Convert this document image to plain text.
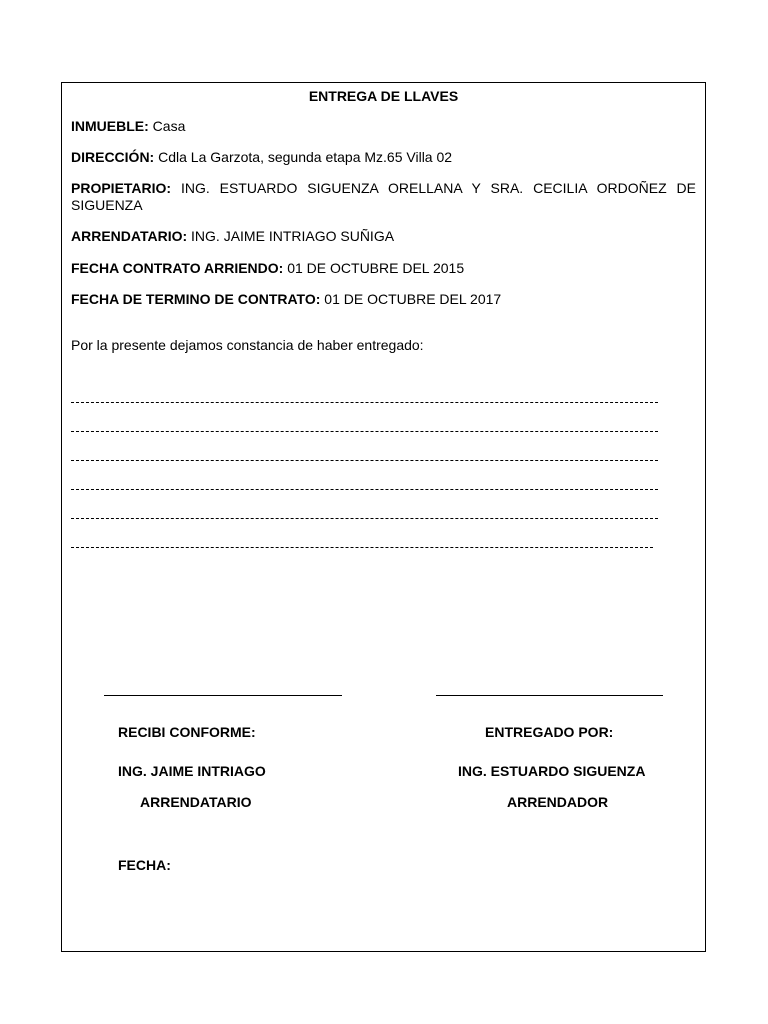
ENTREGA DE LLAVES
INMUEBLE: Casa
DIRECCIÓN: Cdla La Garzota, segunda etapa Mz.65 Villa 02
PROPIETARIO: ING. ESTUARDO SIGUENZA ORELLANA Y SRA. CECILIA ORDOÑEZ DE SIGUENZA
ARRENDATARIO: ING. JAIME INTRIAGO SUÑIGA
FECHA CONTRATO ARRIENDO: 01 DE OCTUBRE DEL 2015
FECHA DE TERMINO DE CONTRATO: 01 DE OCTUBRE DEL 2017
Por la presente dejamos constancia de haber entregado:
RECIBI CONFORME:
ING. JAIME INTRIAGO
ARRENDATARIO
FECHA:
ENTREGADO POR:
ING. ESTUARDO SIGUENZA
ARRENDADOR
